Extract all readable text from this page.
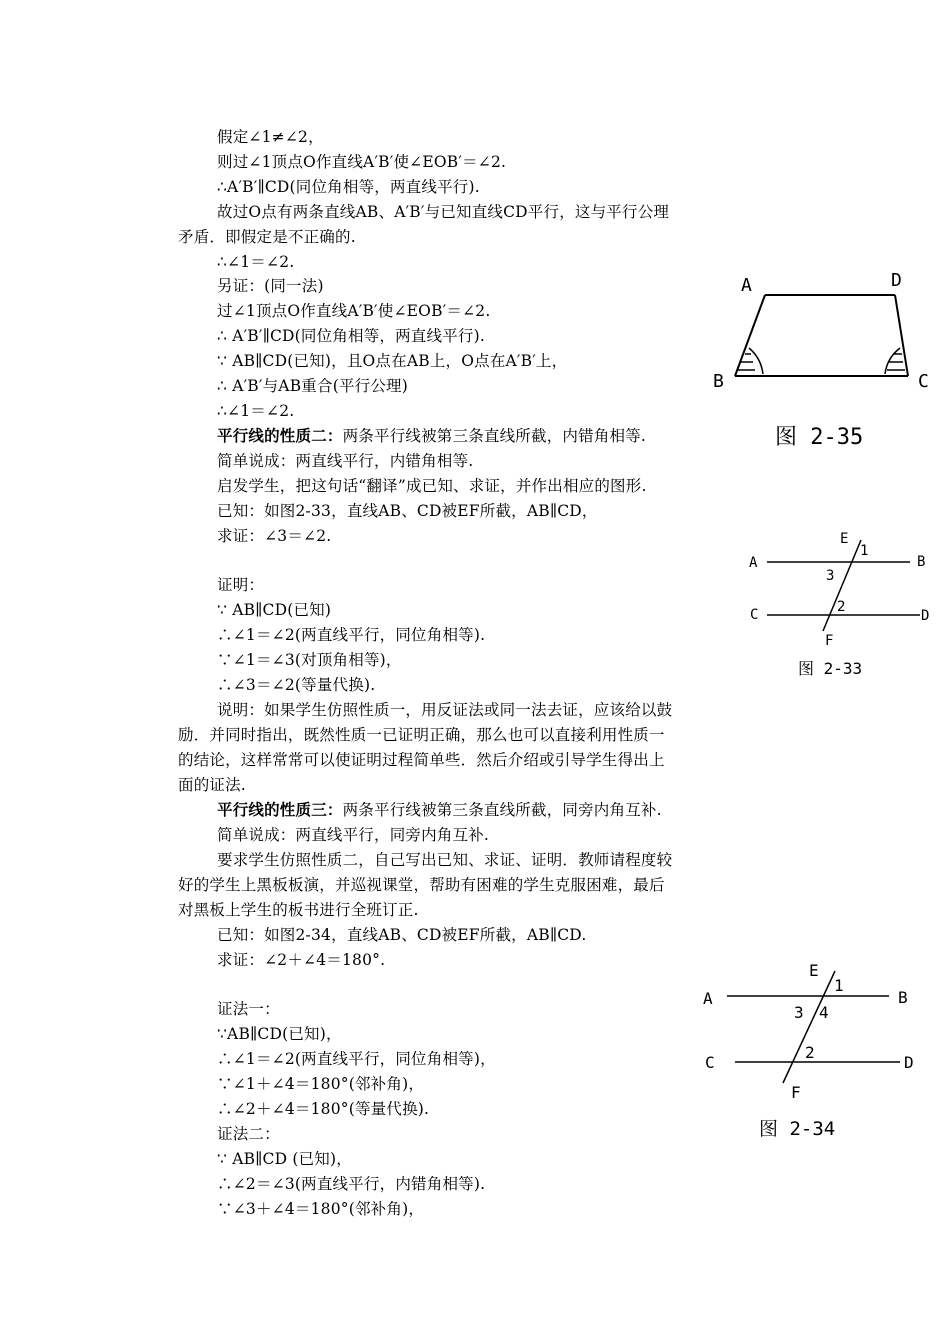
假定∠1≠∠2，
则过∠1顶点O作直线A′B′使∠EOB′＝∠2.
∴A′B′∥CD(同位角相等，两直线平行).
故过O点有两条直线AB、A′B′与已知直线CD平行，这与平行公理
矛盾．即假定是不正确的.
∴∠1＝∠2.
另证：(同一法)
过∠1顶点O作直线A′B′使∠EOB′＝∠2.
∴ A′B′∥CD(同位角相等，两直线平行).
∵ AB∥CD(已知)，且O点在AB上，O点在A′B′上，
∴ A′B′与AB重合(平行公理)
∴∠1＝∠2.
平行线的性质二：两条平行线被第三条直线所截，内错角相等.
简单说成：两直线平行，内错角相等.
启发学生，把这句话“翻译”成已知、求证，并作出相应的图形.
已知：如图2-33，直线AB、CD被EF所截，AB∥CD，
求证：∠3＝∠2.
证明：
∵ AB∥CD(已知)
∴∠1＝∠2(两直线平行，同位角相等).
∵∠1＝∠3(对顶角相等)，
∴∠3＝∠2(等量代换).
说明：如果学生仿照性质一，用反证法或同一法去证，应该给以鼓
励．并同时指出，既然性质一已证明正确，那么也可以直接利用性质一
的结论，这样常常可以使证明过程简单些．然后介绍或引导学生得出上
面的证法.
平行线的性质三：两条平行线被第三条直线所截，同旁内角互补.
简单说成：两直线平行，同旁内角互补.
要求学生仿照性质二，自己写出已知、求证、证明．教师请程度较
好的学生上黑板板演，并巡视课堂，帮助有困难的学生克服困难，最后
对黑板上学生的板书进行全班订正.
已知：如图2-34，直线AB、CD被EF所截，AB∥CD.
求证：∠2＋∠4＝180°.
证法一：
∵AB∥CD(已知)，
∴∠1＝∠2(两直线平行，同位角相等)，
∵∠1＋∠4＝180°(邻补角)，
∴∠2＋∠4＝180°(等量代换).
证法二：
∵ AB∥CD (已知)，
∴∠2＝∠3(两直线平行，内错角相等).
∵∠3＋∠4＝180°(邻补角)，
A	D
B	C
图 2-35
A	B
C	D
E
F
1
3
2
图 2-33
A	B
C	D
E
F
1
3 4
2
图 2-34
